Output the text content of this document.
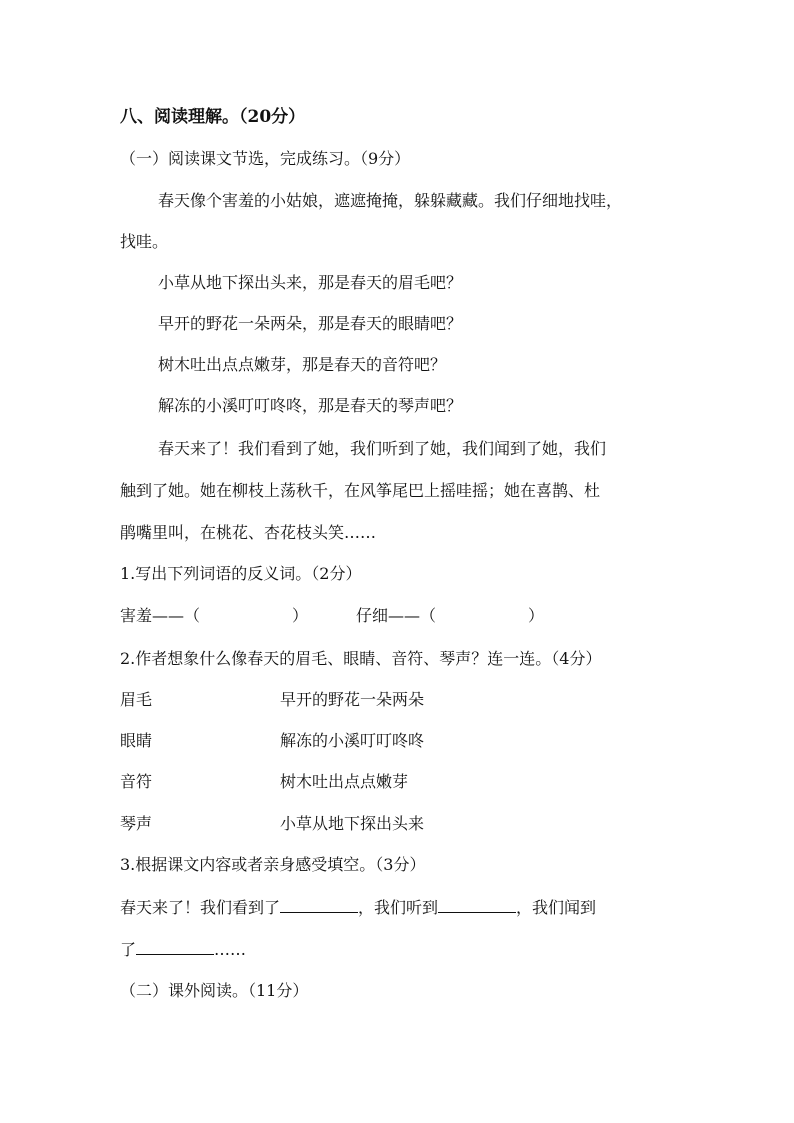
八、阅读理解。（20分）
（一）阅读课文节选，完成练习。（9分）
春天像个害羞的小姑娘，遮遮掩掩，躲躲藏藏。我们仔细地找哇，
找哇。
小草从地下探出头来，那是春天的眉毛吧？
早开的野花一朵两朵，那是春天的眼睛吧？
树木吐出点点嫩芽，那是春天的音符吧？
解冻的小溪叮叮咚咚，那是春天的琴声吧？
春天来了！我们看到了她，我们听到了她，我们闻到了她，我们
触到了她。她在柳枝上荡秋千，在风筝尾巴上摇哇摇；她在喜鹊、杜
鹃嘴里叫，在桃花、杏花枝头笑……
1.写出下列词语的反义词。（2分）
害羞——（	）	仔细——（	）
2.作者想象什么像春天的眉毛、眼睛、音符、琴声？连一连。（4分）
眉毛	早开的野花一朵两朵
眼睛	解冻的小溪叮叮咚咚
音符	树木吐出点点嫩芽
琴声	小草从地下探出头来
3.根据课文内容或者亲身感受填空。（3分）
春天来了！我们看到了	，我们听到	，我们闻到
了	……
（二）课外阅读。（11分）
